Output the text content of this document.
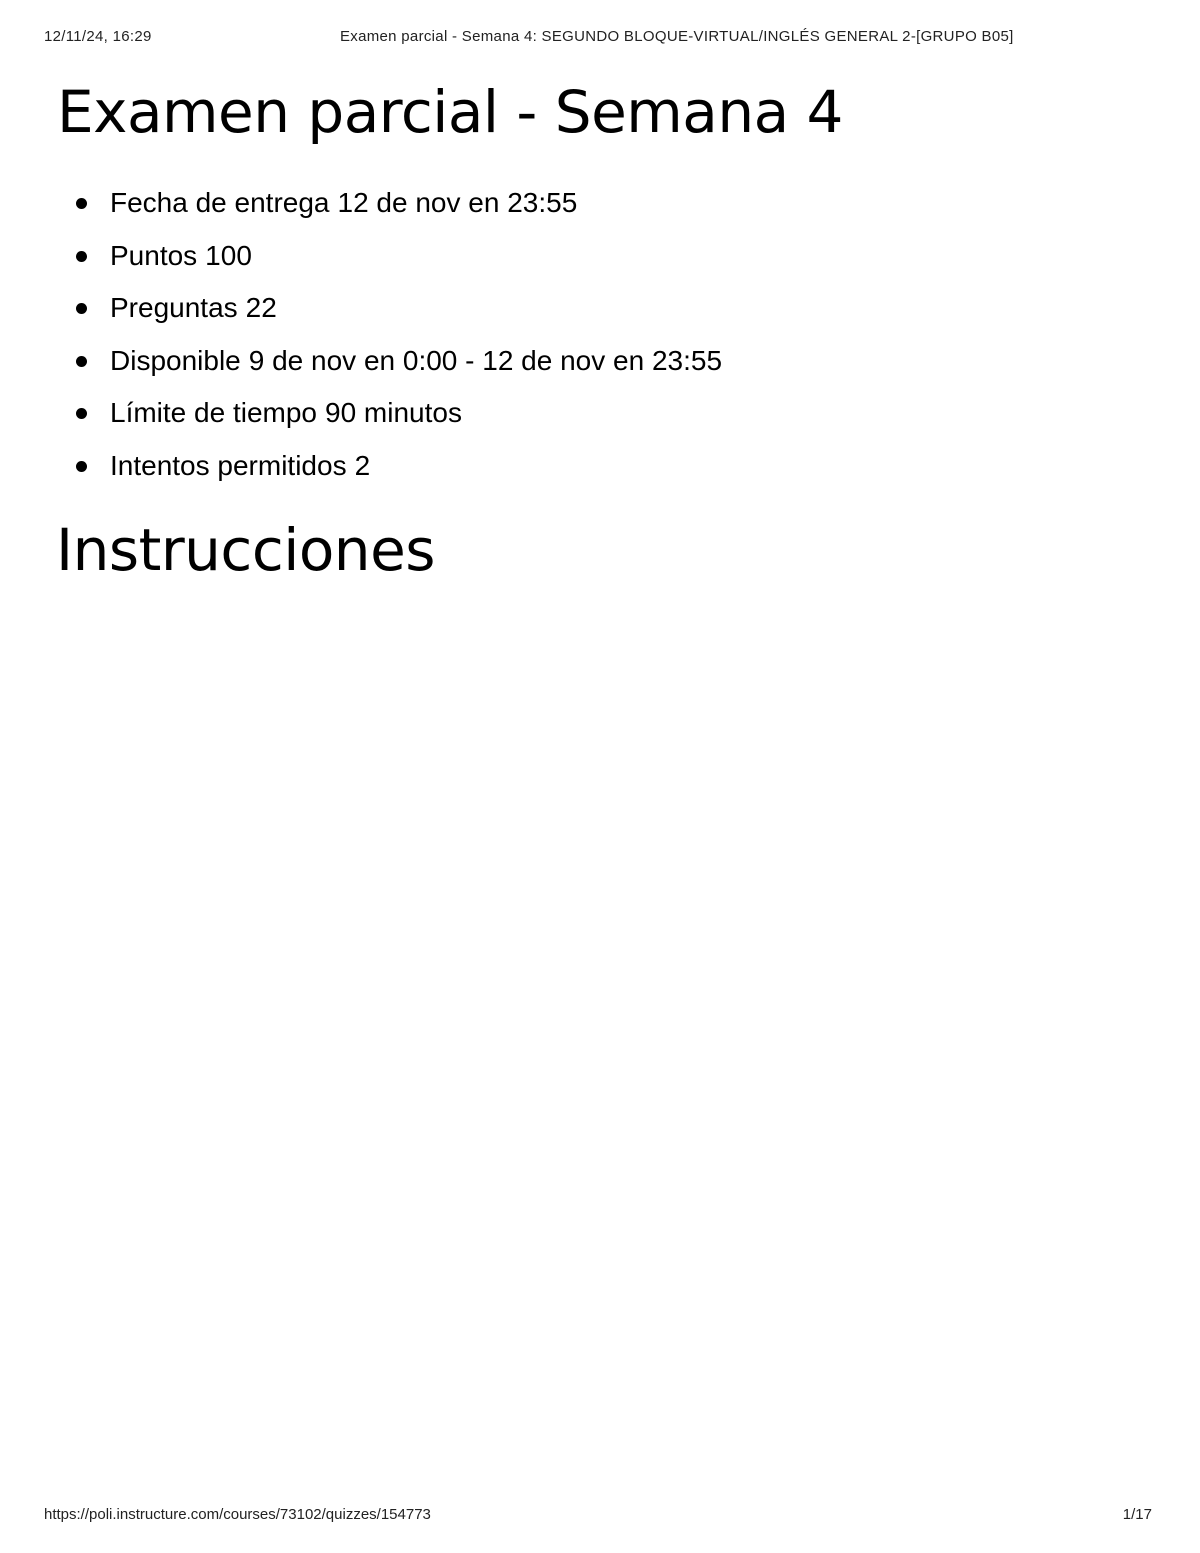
12/11/24, 16:29	Examen parcial - Semana 4: SEGUNDO BLOQUE-VIRTUAL/INGLÉS GENERAL 2-[GRUPO B05]
Examen parcial - Semana 4
Fecha de entrega 12 de nov en 23:55
Puntos 100
Preguntas 22
Disponible 9 de nov en 0:00 - 12 de nov en 23:55
Límite de tiempo 90 minutos
Intentos permitidos 2
Instrucciones
https://poli.instructure.com/courses/73102/quizzes/154773	1/17
